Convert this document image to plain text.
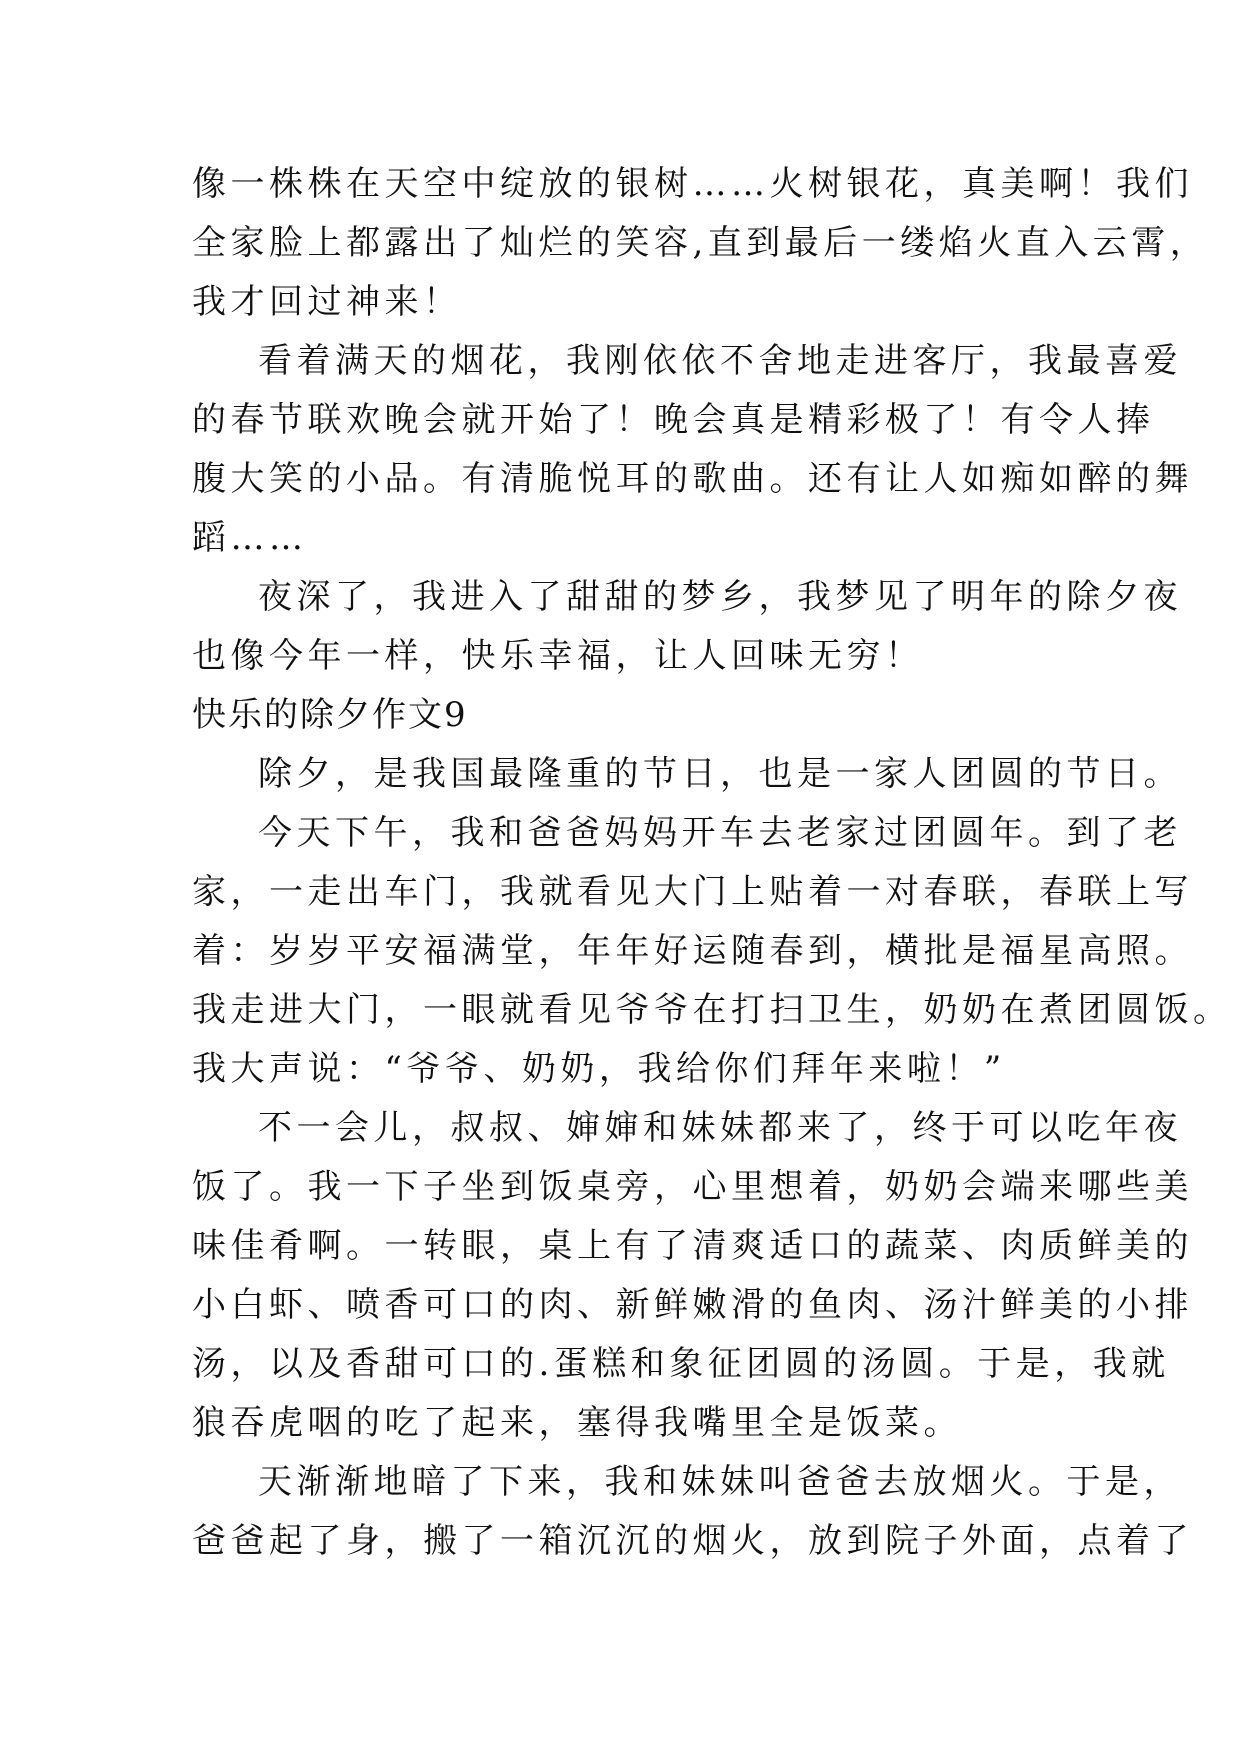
像一株株在天空中绽放的银树……火树银花，真美啊！我们
全家脸上都露出了灿烂的笑容,直到最后一缕焰火直入云霄，
我才回过神来！
看着满天的烟花，我刚依依不舍地走进客厅，我最喜爱
的春节联欢晚会就开始了！晚会真是精彩极了！有令人捧
腹大笑的小品。有清脆悦耳的歌曲。还有让人如痴如醉的舞
蹈……
夜深了，我进入了甜甜的梦乡，我梦见了明年的除夕夜
也像今年一样，快乐幸福，让人回味无穷！
快乐的除夕作文9
除夕，是我国最隆重的节日，也是一家人团圆的节日。
今天下午，我和爸爸妈妈开车去老家过团圆年。到了老
家，一走出车门，我就看见大门上贴着一对春联，春联上写
着：岁岁平安福满堂，年年好运随春到，横批是福星高照。
我走进大门，一眼就看见爷爷在打扫卫生，奶奶在煮团圆饭。
我大声说：“爷爷、奶奶，我给你们拜年来啦！”
不一会儿，叔叔、婶婶和妹妹都来了，终于可以吃年夜
饭了。我一下子坐到饭桌旁，心里想着，奶奶会端来哪些美
味佳肴啊。一转眼，桌上有了清爽适口的蔬菜、肉质鲜美的
小白虾、喷香可口的肉、新鲜嫩滑的鱼肉、汤汁鲜美的小排
汤，以及香甜可口的.蛋糕和象征团圆的汤圆。于是，我就
狼吞虎咽的吃了起来，塞得我嘴里全是饭菜。
天渐渐地暗了下来，我和妹妹叫爸爸去放烟火。于是，
爸爸起了身，搬了一箱沉沉的烟火，放到院子外面，点着了
